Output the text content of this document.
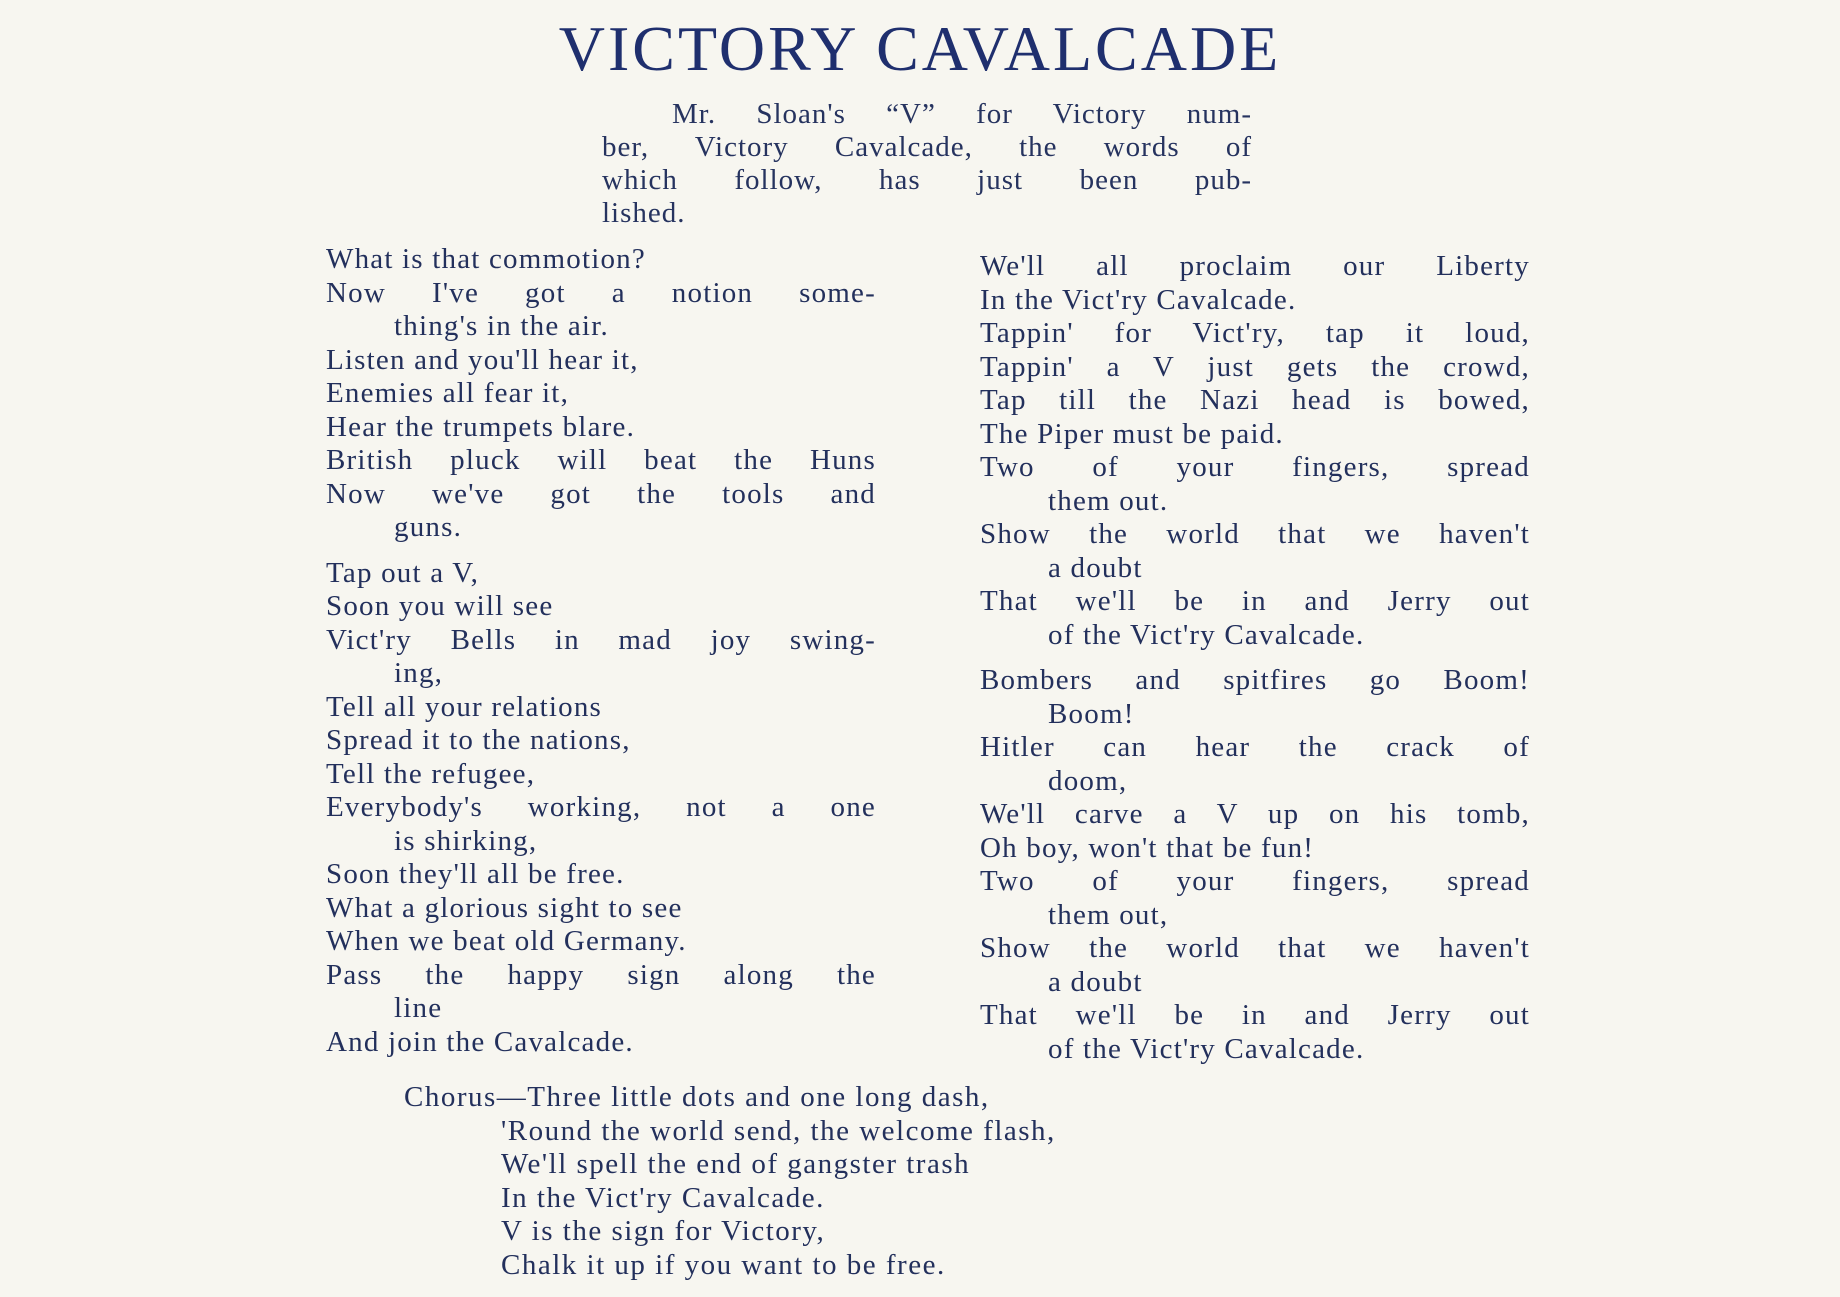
VICTORY CAVALCADE
Mr. Sloan's “V” for Victory num-
ber, Victory Cavalcade, the words of
which follow, has just been pub-
lished.
What is that commotion?
Now I've got a notion some-
thing's in the air.
Listen and you'll hear it,
Enemies all fear it,
Hear the trumpets blare.
British pluck will beat the Huns
Now we've got the tools and
guns.
Tap out a V,
Soon you will see
Vict'ry Bells in mad joy swing-
ing,
Tell all your relations
Spread it to the nations,
Tell the refugee,
Everybody's working, not a one
is shirking,
Soon they'll all be free.
What a glorious sight to see
When we beat old Germany.
Pass the happy sign along the
line
And join the Cavalcade.
We'll all proclaim our Liberty
In the Vict'ry Cavalcade.
Tappin' for Vict'ry, tap it loud,
Tappin' a V just gets the crowd,
Tap till the Nazi head is bowed,
The Piper must be paid.
Two of your fingers, spread
them out.
Show the world that we haven't
a doubt
That we'll be in and Jerry out
of the Vict'ry Cavalcade.
Bombers and spitfires go Boom!
Boom!
Hitler can hear the crack of
doom,
We'll carve a V up on his tomb,
Oh boy, won't that be fun!
Two of your fingers, spread
them out,
Show the world that we haven't
a doubt
That we'll be in and Jerry out
of the Vict'ry Cavalcade.
Chorus—Three little dots and one long dash,
'Round the world send, the welcome flash,
We'll spell the end of gangster trash
In the Vict'ry Cavalcade.
V is the sign for Victory,
Chalk it up if you want to be free.
